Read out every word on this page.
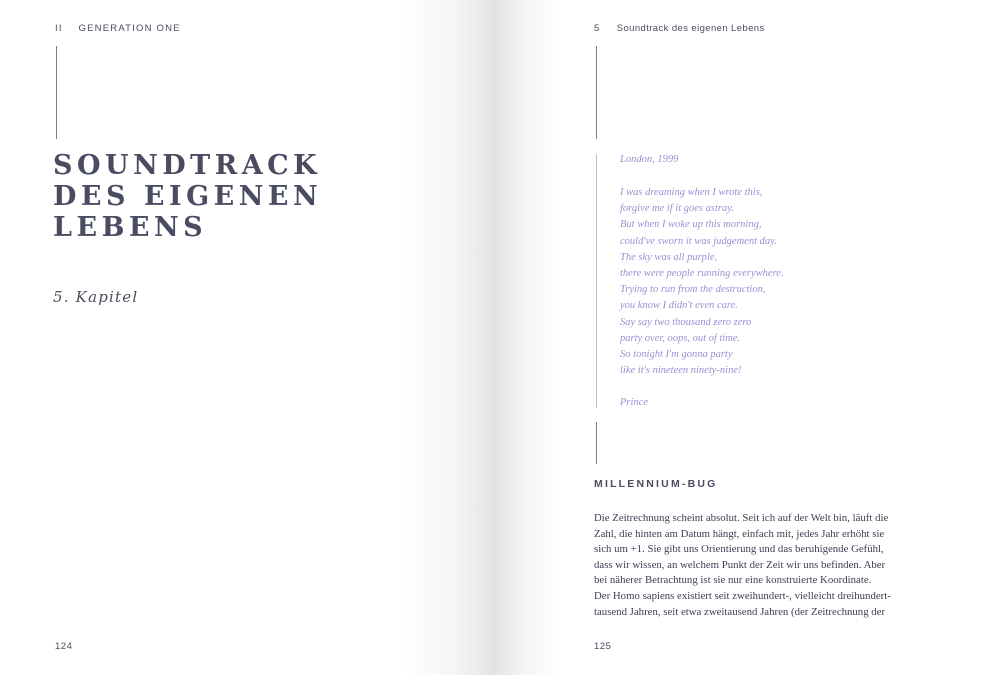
II GENERATION ONE
SOUNDTRACK
DES EIGENEN
LEBENS
5. Kapitel
124
5 Soundtrack des eigenen Lebens
London, 1999
I was dreaming when I wrote this,
forgive me if it goes astray.
But when I woke up this morning,
could've sworn it was judgement day.
The sky was all purple,
there were people running everywhere.
Trying to run from the destruction,
you know I didn't even care.
Say say two thousand zero zero
party over, oops, out of time.
So tonight I'm gonna party
like it's nineteen ninety-nine!
Prince
MILLENNIUM-BUG
Die Zeitrechnung scheint absolut. Seit ich auf der Welt bin, läuft die
Zahl, die hinten am Datum hängt, einfach mit, jedes Jahr erhöht sie
sich um +1. Sie gibt uns Orientierung und das beruhigende Gefühl,
dass wir wissen, an welchem Punkt der Zeit wir uns befinden. Aber
bei näherer Betrachtung ist sie nur eine konstruierte Koordinate.
Der Homo sapiens existiert seit zweihundert-, vielleicht dreihundert-
tausend Jahren, seit etwa zweitausend Jahren (der Zeitrechnung der
125
